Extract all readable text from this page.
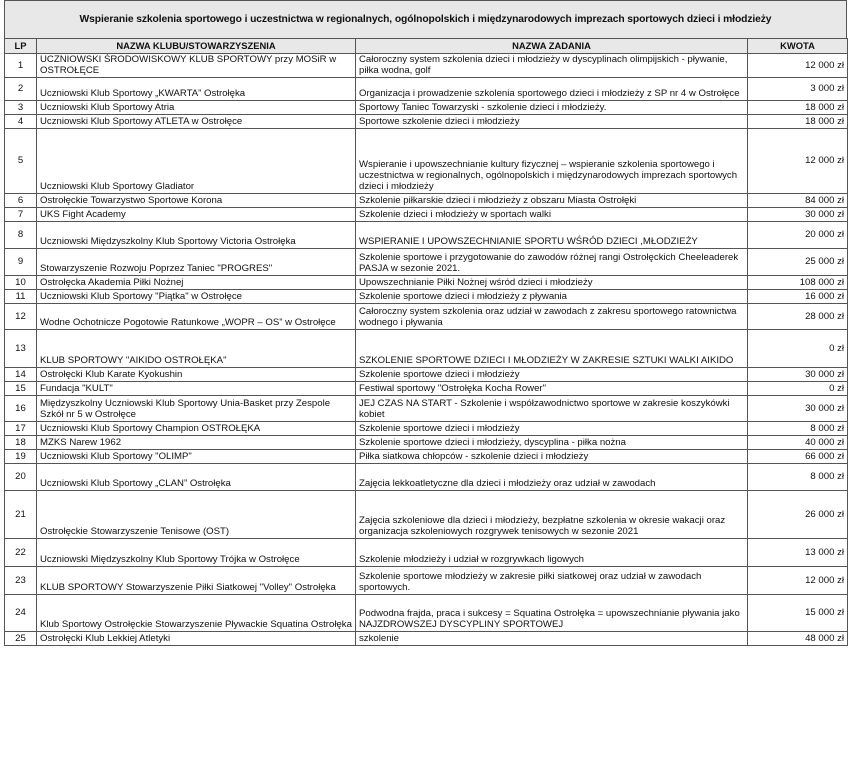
Wspieranie szkolenia sportowego i uczestnictwa w regionalnych, ogólnopolskich i międzynarodowych imprezach sportowych dzieci i młodzieży
LP	NAZWA KLUBU/STOWARZYSZENIA	NAZWA ZADANIA	KWOTA
1	UCZNIOWSKI ŚRODOWISKOWY KLUB SPORTOWY przy MOSiR w OSTROŁĘCE	Całoroczny system szkolenia dzieci i młodzieży w dyscyplinach olimpijskich - pływanie, piłka wodna, golf	12 000 zł
2	Uczniowski Klub Sportowy „KWARTA” Ostrołęka	Organizacja i prowadzenie szkolenia sportowego dzieci i młodzieży z SP nr 4 w Ostrołęce	3 000 zł
3	Uczniowski Klub Sportowy Atria	Sportowy Taniec Towarzyski - szkolenie dzieci i młodzieży.	18 000 zł
4	Uczniowski Klub Sportowy ATLETA w Ostrołęce	Sportowe szkolenie dzieci i młodzieży	18 000 zł
5	Uczniowski Klub Sportowy Gladiator	Wspieranie i upowszechnianie kultury fizycznej – wspieranie szkolenia sportowego i uczestnictwa w regionalnych, ogólnopolskich i międzynarodowych imprezach sportowych dzieci i młodzieży	12 000 zł
6	Ostrołęckie Towarzystwo Sportowe Korona	Szkolenie piłkarskie dzieci i młodzieży z obszaru Miasta Ostrołęki	84 000 zł
7	UKS Fight Academy	Szkolenie dzieci i młodzieży w sportach walki	30 000 zł
8	Uczniowski Międzyszkolny Klub Sportowy Victoria Ostrołęka	WSPIERANIE I UPOWSZECHNIANIE SPORTU WŚRÓD DZIECI ,MŁODZIEŻY	20 000 zł
9	Stowarzyszenie Rozwoju Poprzez Taniec "PROGRES"	Szkolenie sportowe i przygotowanie do zawodów różnej rangi Ostrołęckich Cheeleaderek PASJA w sezonie 2021.	25 000 zł
10	Ostrołęcka Akademia Piłki Nożnej	Upowszechnianie Piłki Nożnej wśród dzieci i młodzieży	108 000 zł
11	Uczniowski Klub Sportowy "Piątka" w Ostrołęce	Szkolenie sportowe dzieci i młodzieży z pływania	16 000 zł
12	Wodne Ochotnicze Pogotowie Ratunkowe „WOPR – OS” w Ostrołęce	Całoroczny system szkolenia oraz udział w zawodach z zakresu sportowego ratownictwa wodnego i pływania	28 000 zł
13	KLUB SPORTOWY "AIKIDO OSTROŁĘKA"	SZKOLENIE SPORTOWE DZIECI I MŁODZIEŻY W ZAKRESIE SZTUKI WALKI AIKIDO	0 zł
14	Ostrołęcki Klub Karate Kyokushin	Szkolenie sportowe dzieci i młodzieży	30 000 zł
15	Fundacja "KULT"	Festiwal sportowy "Ostrołęka Kocha Rower"	0 zł
16	Międzyszkolny Uczniowski Klub Sportowy Unia-Basket przy Zespole Szkół nr 5 w Ostrołęce	JEJ CZAS NA START - Szkolenie i współzawodnictwo sportowe w zakresie koszykówki kobiet	30 000 zł
17	Uczniowski Klub Sportowy Champion OSTROŁĘKA	Szkolenie sportowe dzieci i młodzieży	8 000 zł
18	MZKS Narew 1962	Szkolenie sportowe dzieci i młodzieży, dyscyplina - piłka nożna	40 000 zł
19	Uczniowski Klub Sportowy "OLIMP"	Piłka siatkowa chłopców - szkolenie dzieci i młodzieży	66 000 zł
20	Uczniowski Klub Sportowy „CLAN” Ostrołęka	Zajęcia lekkoatletyczne dla dzieci i młodzieży oraz udział w zawodach	8 000 zł
21	Ostrołęckie Stowarzyszenie Tenisowe (OST)	Zajęcia szkoleniowe dla dzieci i młodzieży, bezpłatne szkolenia w okresie wakacji oraz organizacja szkoleniowych rozgrywek tenisowych w sezonie 2021	26 000 zł
22	Uczniowski Międzyszkolny Klub Sportowy Trójka w Ostrołęce	Szkolenie młodzieży i udział w rozgrywkach ligowych	13 000 zł
23	KLUB SPORTOWY Stowarzyszenie Piłki Siatkowej "Volley" Ostrołęka	Szkolenie sportowe młodzieży w zakresie piłki siatkowej oraz udział w zawodach sportowych.	12 000 zł
24	Klub Sportowy Ostrołęckie Stowarzyszenie Pływackie Squatina Ostrołęka	Podwodna frajda, praca i sukcesy = Squatina Ostrołęka = upowszechnianie pływania jako NAJZDROWSZEJ DYSCYPLINY SPORTOWEJ	15 000 zł
25	Ostrołęcki Klub Lekkiej Atletyki	szkolenie	48 000 zł
